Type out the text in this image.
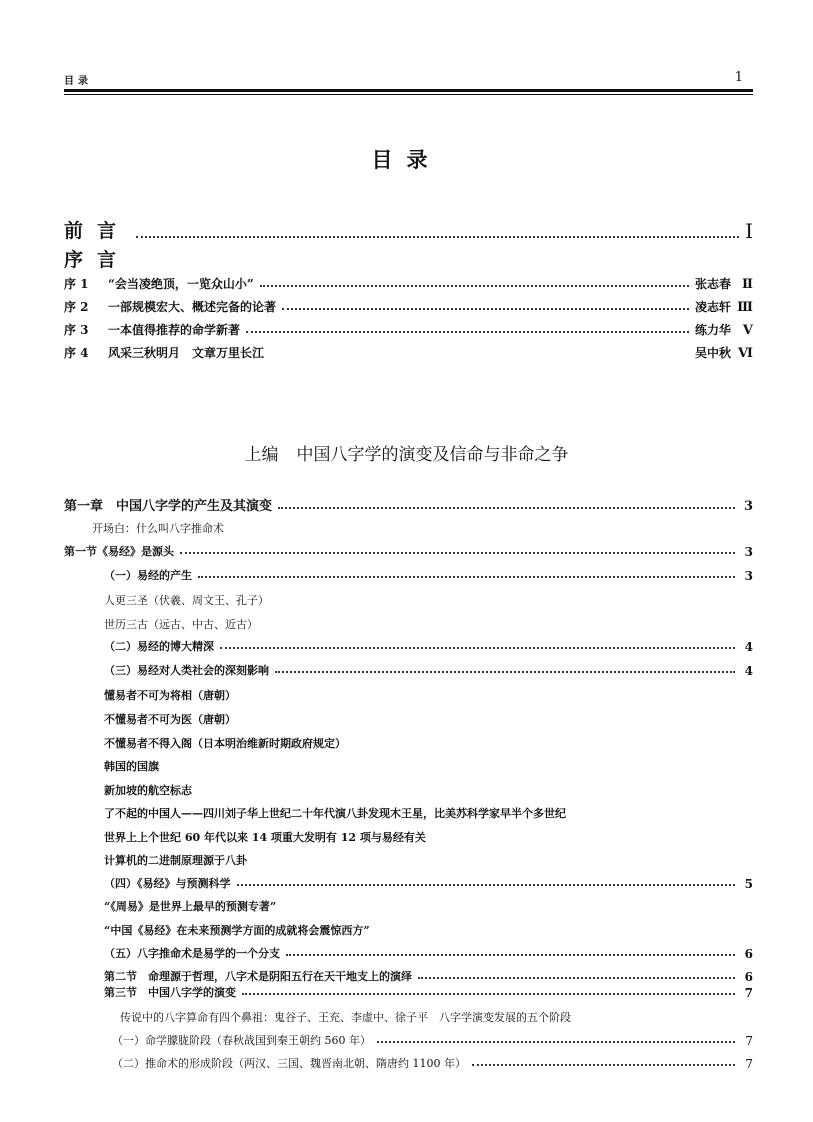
目录	1
目录
前言	Ⅰ
序言
序 1 “会当凌绝顶，一览众山小”	张志春 Ⅱ
序 2 一部规模宏大、概述完备的论著	凌志轩 Ⅲ
序 3 一本值得推荐的命学新著	练力华 Ⅴ
序 4 风采三秋明月　文章万里长江	吴中秋 Ⅵ
上编 中国八字学的演变及信命与非命之争
第一章　中国八字学的产生及其演变	3
开场白：什么叫八字推命术
第一节《易经》是源头	3
（一）易经的产生	3
人更三圣（伏羲、周文王、孔子）
世历三古（远古、中古、近古）
（二）易经的博大精深	4
（三）易经对人类社会的深刻影响	4
懂易者不可为将相（唐朝）
不懂易者不可为医（唐朝）
不懂易者不得入阁（日本明治维新时期政府规定）
韩国的国旗
新加坡的航空标志
了不起的中国人——四川刘子华上世纪二十年代演八卦发现木王星，比美苏科学家早半个多世纪
世界上上个世纪 60 年代以来 14 项重大发明有 12 项与易经有关
计算机的二进制原理源于八卦
（四）《易经》与预测科学	5
“《周易》是世界上最早的预测专著”
“中国《易经》在未来预测学方面的成就将会震惊西方”
（五）八字推命术是易学的一个分支	6
第二节　命理源于哲理，八字术是阴阳五行在天干地支上的演绎	6
第三节　中国八字学的演变	7
传说中的八字算命有四个鼻祖：鬼谷子、王充、李虚中、徐子平　八字学演变发展的五个阶段
（一）命学朦胧阶段（春秋战国到秦王朝约 560 年）	7
（二）推命术的形成阶段（两汉、三国、魏晋南北朝、隋唐约 1100 年）	7
